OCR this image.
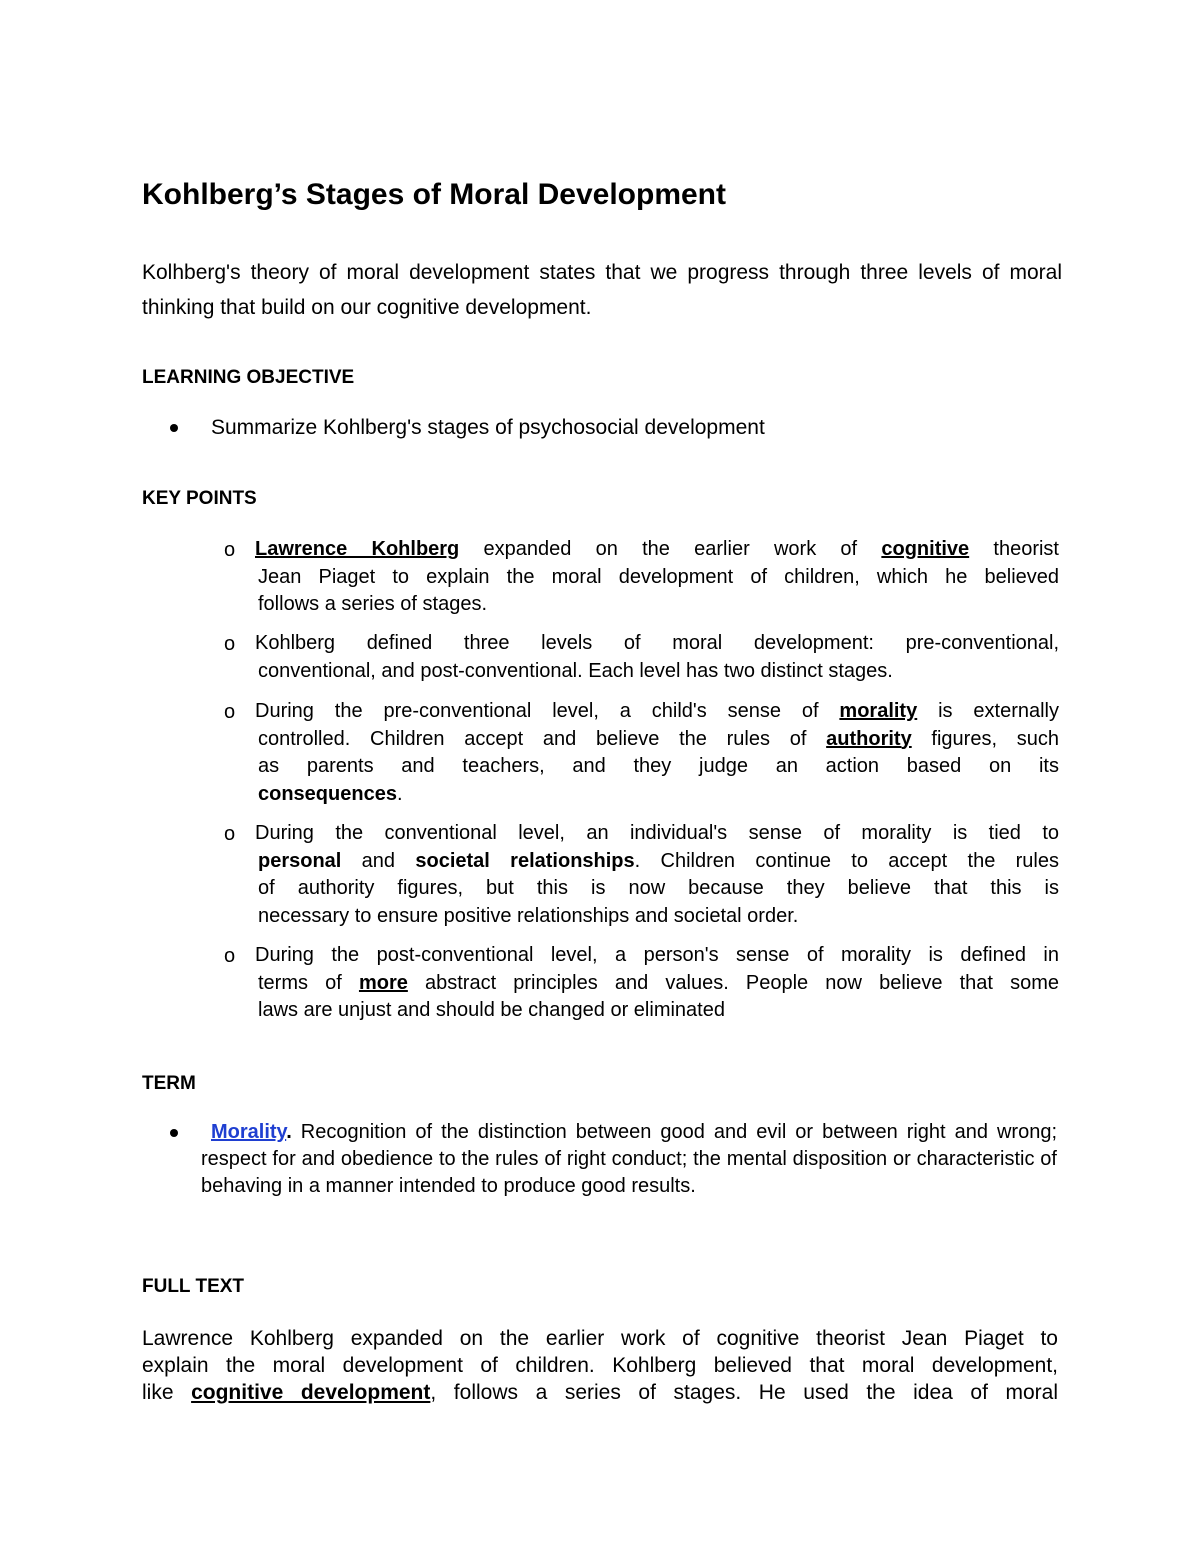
Kohlberg’s Stages of Moral Development
Kolhberg's theory of moral development states that we progress through three levels of moral thinking that build on our cognitive development.
LEARNING OBJECTIVE
Summarize Kohlberg's stages of psychosocial development
KEY POINTS
o Lawrence Kohlberg expanded on the earlier work of cognitive theorist
Jean Piaget to explain the moral development of children, which he believed
follows a series of stages.
o Kohlberg defined three levels of moral development: pre-conventional,
conventional, and post-conventional. Each level has two distinct stages.
o During the pre-conventional level, a child's sense of morality is externally
controlled. Children accept and believe the rules of authority figures, such
as parents and teachers, and they judge an action based on its
consequences.
o During the conventional level, an individual's sense of morality is tied to
personal and societal relationships. Children continue to accept the rules
of authority figures, but this is now because they believe that this is
necessary to ensure positive relationships and societal order.
o During the post-conventional level, a person's sense of morality is defined in
terms of more abstract principles and values. People now believe that some
laws are unjust and should be changed or eliminated
TERM
Morality. Recognition of the distinction between good and evil or between right and wrong; respect for and obedience to the rules of right conduct; the mental disposition or characteristic of behaving in a manner intended to produce good results.
FULL TEXT
Lawrence Kohlberg expanded on the earlier work of cognitive theorist Jean Piaget to
explain the moral development of children. Kohlberg believed that moral development,
like cognitive development, follows a series of stages. He used the idea of moral
